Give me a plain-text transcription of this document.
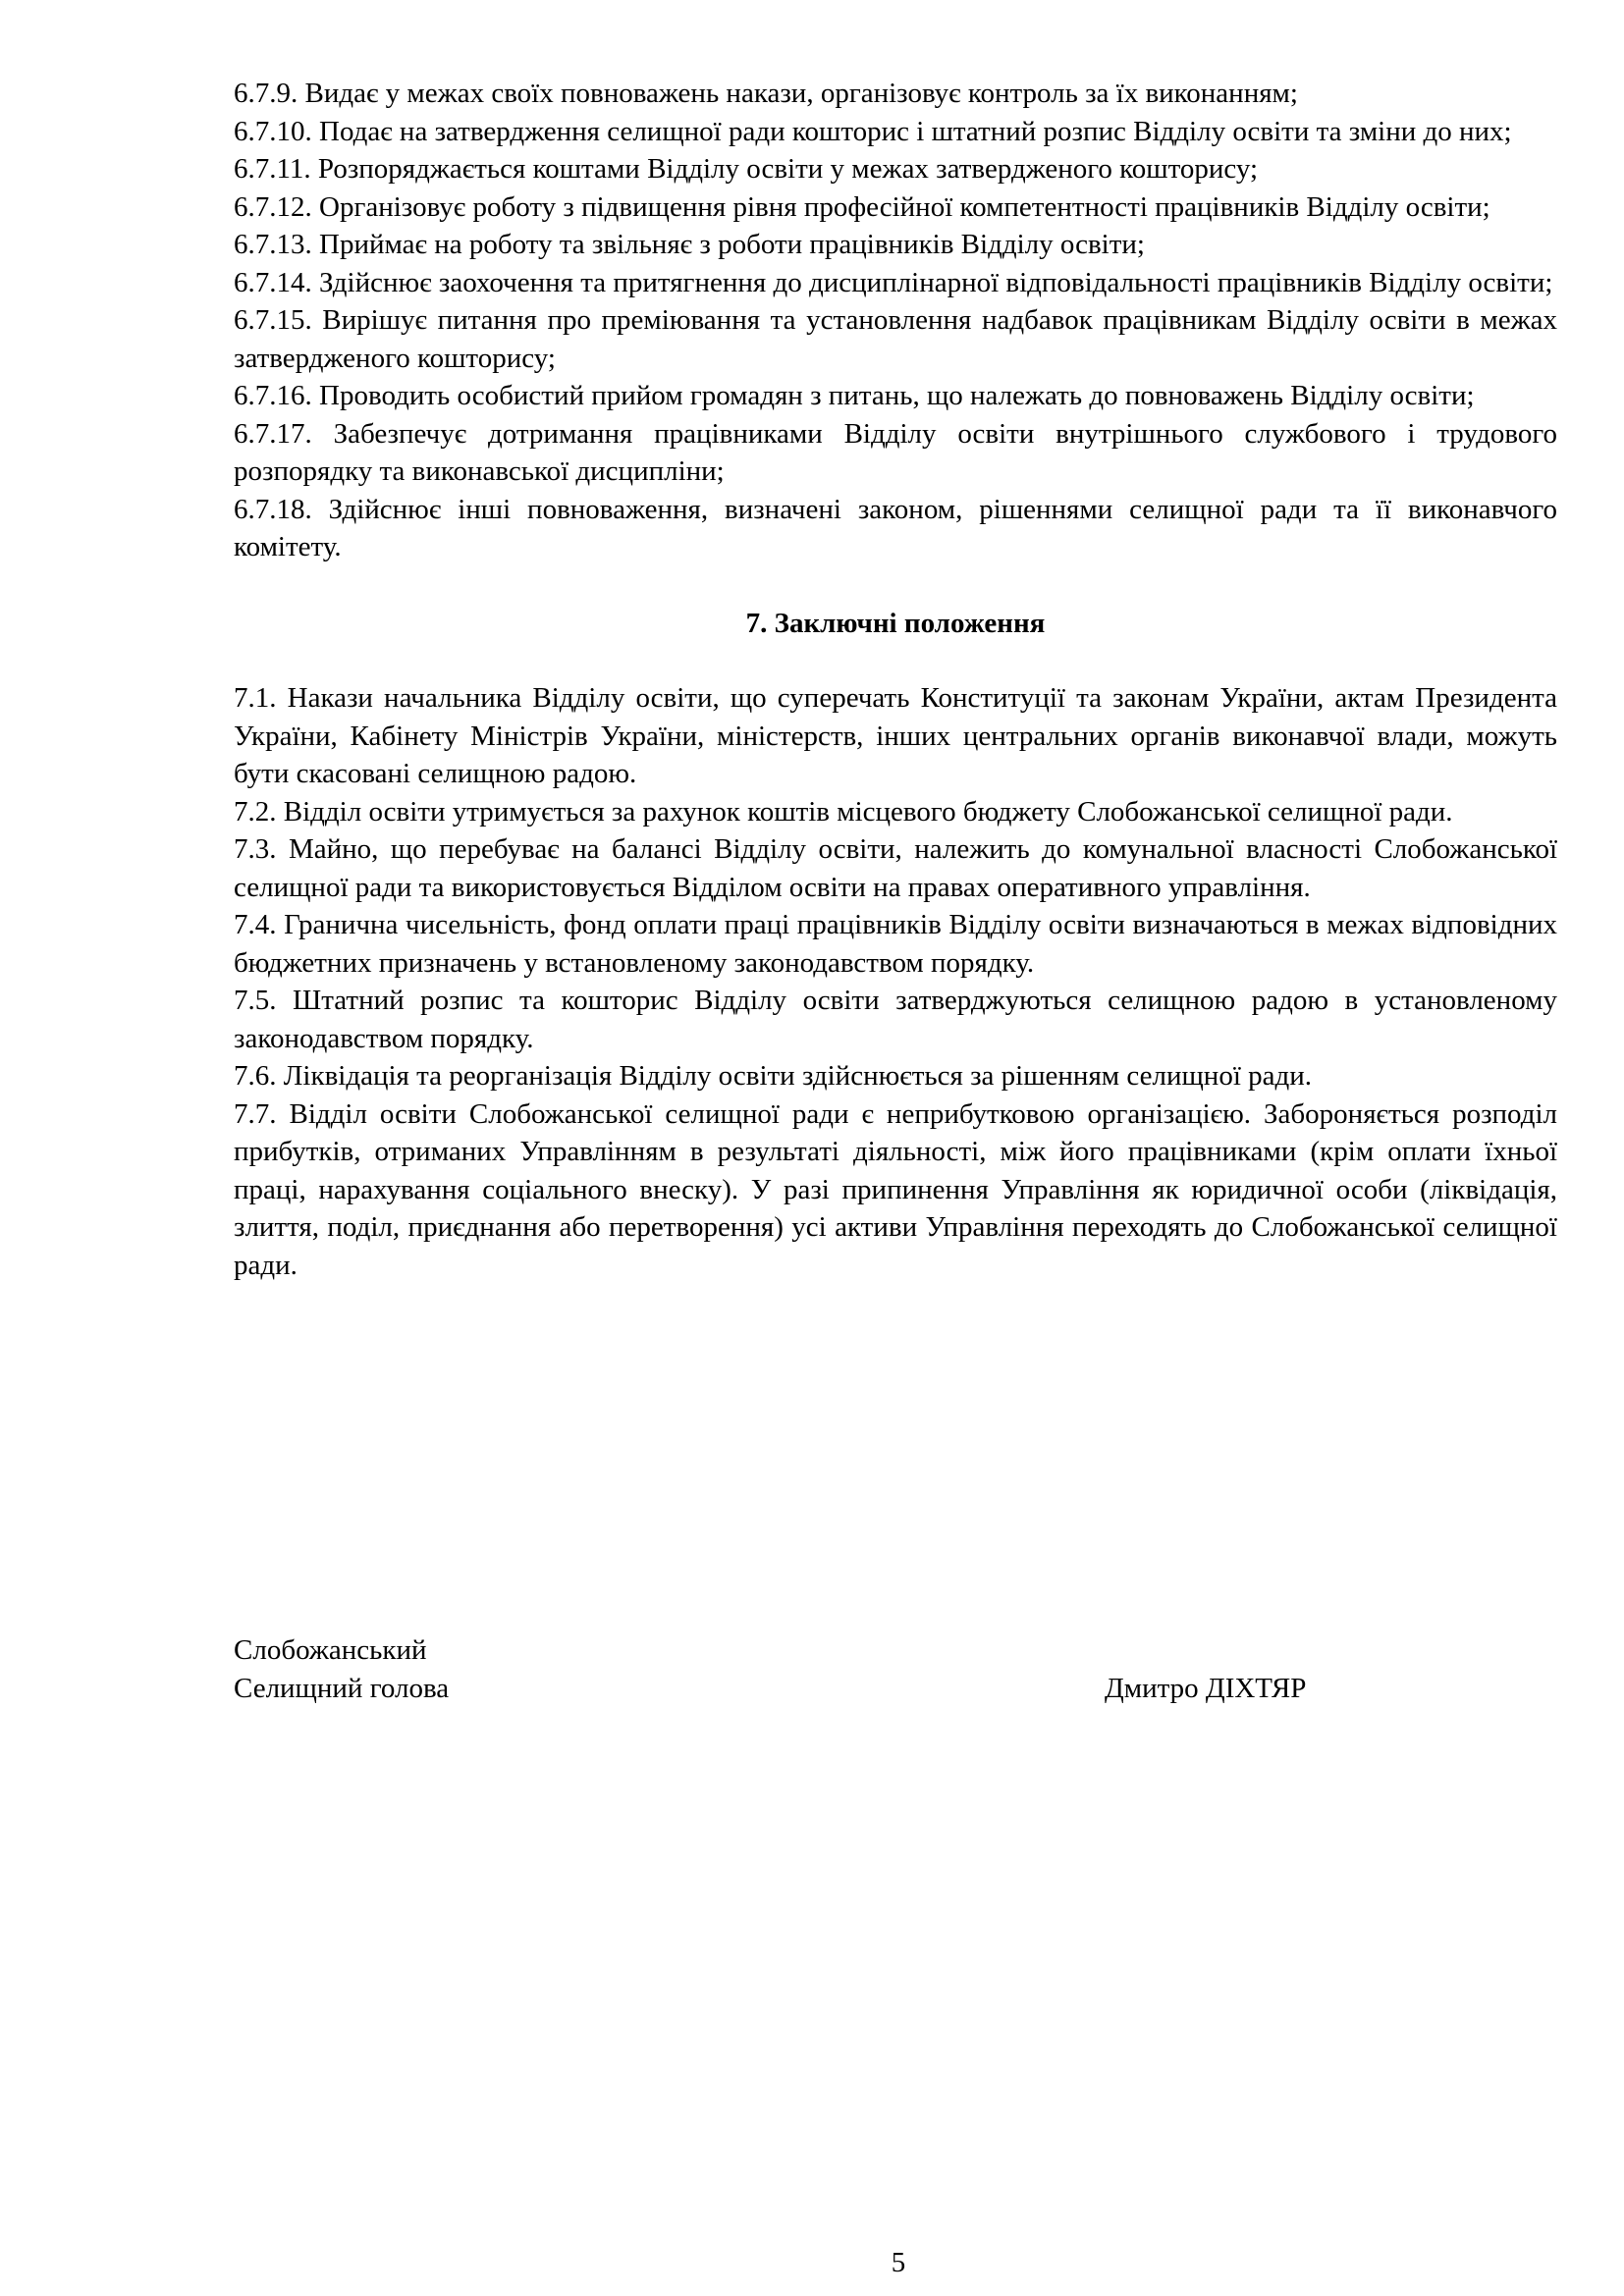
6.7.9. Видає у межах своїх повноважень накази, організовує контроль за їх виконанням;

6.7.10. Подає на затвердження селищної ради кошторис і штатний розпис Відділу освіти та зміни до них;

6.7.11. Розпоряджається коштами Відділу освіти у межах затвердженого кошторису;

6.7.12. Організовує роботу з підвищення рівня професійної компетентності працівників Відділу освіти;

6.7.13. Приймає на роботу та звільняє з роботи працівників Відділу освіти;

6.7.14. Здійснює заохочення та притягнення до дисциплінарної відповідальності працівників Відділу освіти;

6.7.15. Вирішує питання про преміювання та установлення надбавок працівникам Відділу освіти в межах затвердженого кошторису;

6.7.16. Проводить особистий прийом громадян з питань, що належать до повноважень Відділу освіти;

6.7.17. Забезпечує дотримання працівниками Відділу освіти внутрішнього службового і трудового розпорядку та виконавської дисципліни;

6.7.18. Здійснює інші повноваження, визначені законом, рішеннями селищної ради та її виконавчого комітету.

7. Заключні положення

7.1. Накази начальника Відділу освіти, що суперечать Конституції та законам України, актам Президента України, Кабінету Міністрів України, міністерств, інших центральних органів виконавчої влади, можуть бути скасовані селищною радою.

7.2. Відділ освіти утримується за рахунок коштів місцевого бюджету Слобожанської селищної ради.

7.3. Майно, що перебуває на балансі Відділу освіти, належить до комунальної власності Слобожанської селищної ради та використовується Відділом освіти на правах оперативного управління.

7.4. Гранична чисельність, фонд оплати праці працівників Відділу освіти визначаються в межах відповідних бюджетних призначень у встановленому законодавством порядку.

7.5. Штатний розпис та кошторис Відділу освіти затверджуються селищною радою в установленому законодавством порядку.

7.6. Ліквідація та реорганізація Відділу освіти здійснюється за рішенням селищної ради.

7.7. Відділ освіти Слобожанської селищної ради є неприбутковою організацією. Забороняється розподіл прибутків, отриманих Управлінням в результаті діяльності, між його працівниками (крім оплати їхньої праці, нарахування соціального внеску). У разі припинення Управління як юридичної особи (ліквідація, злиття, поділ, приєднання або перетворення) усі активи Управління переходять до Слобожанської селищної ради.

Слобожанський
Селищний голова	Дмитро ДІХТЯР
5
